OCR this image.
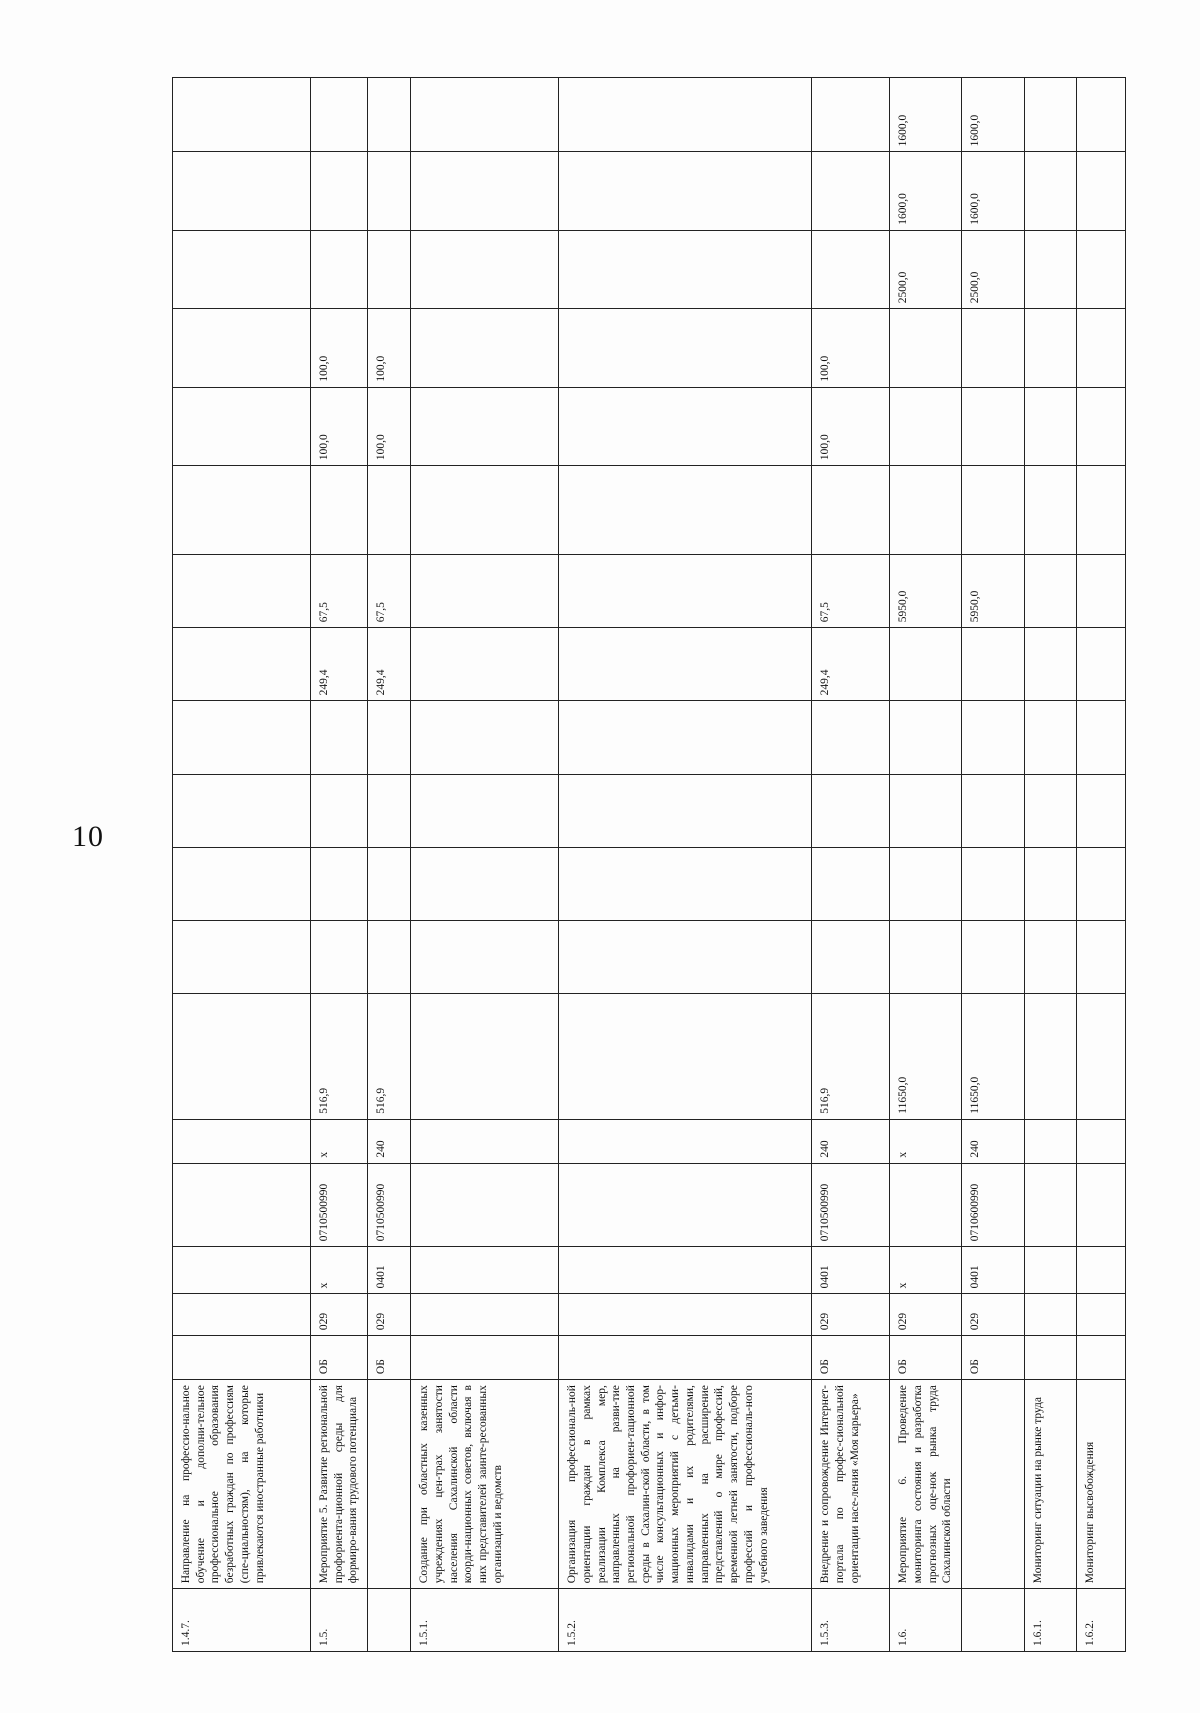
10
1.4.7.	Направление на профессио-нальное обучение и дополни-тельное профессиональное образования безработных граждан по профессиям (спе-циальностям), на которые привлекаются иностранные работники																		
1.5.	Мероприятие 5. Развитие региональной профориента-ционной среды для формиро-вания трудового потенциала	ОБ	029	х	0710500990	х	516,9					249,4	67,5		100,0	100,0			
		ОБ	029	0401	0710500990	240	516,9					249,4	67,5		100,0	100,0			
1.5.1.	Создание при областных казенных учреждениях цен-трах занятости населения Сахалинской области коорди-национных советов, включая в них представителей заинте-ресованных организаций и ведомств																		
1.5.2.	Организация профессиональ-ной ориентации граждан в рамках реализации Комплекса мер, направленных на разви-тие региональной профориен-тационной среды в Сахалин-ской области, в том числе консультационных и инфор-мационных мероприятий с детьми-инвалидами и их родителями, направленных на расширение представлений о мире профессий, временной летней занятости, подборе профессий и профессиональ-ного учебного заведения																		
1.5.3.	Внедрение и сопровождение Интернет-портала по профес-сиональной ориентации насе-ления «Моя карьера»	ОБ	029	0401	0710500990	240	516,9					249,4	67,5		100,0	100,0			
1.6.	Мероприятие 6. Проведение мониторинга состояния и разработка прогнозных оце-нок рынка труда Сахалинской области	ОБ	029	х		х	11650,0						5950,0				2500,0	1600,0	1600,0
		ОБ	029	0401	0710600990	240	11650,0						5950,0				2500,0	1600,0	1600,0
1.6.1.	Мониторинг ситуации на рынке труда																		
1.6.2.	Мониторинг высвобождения																		
